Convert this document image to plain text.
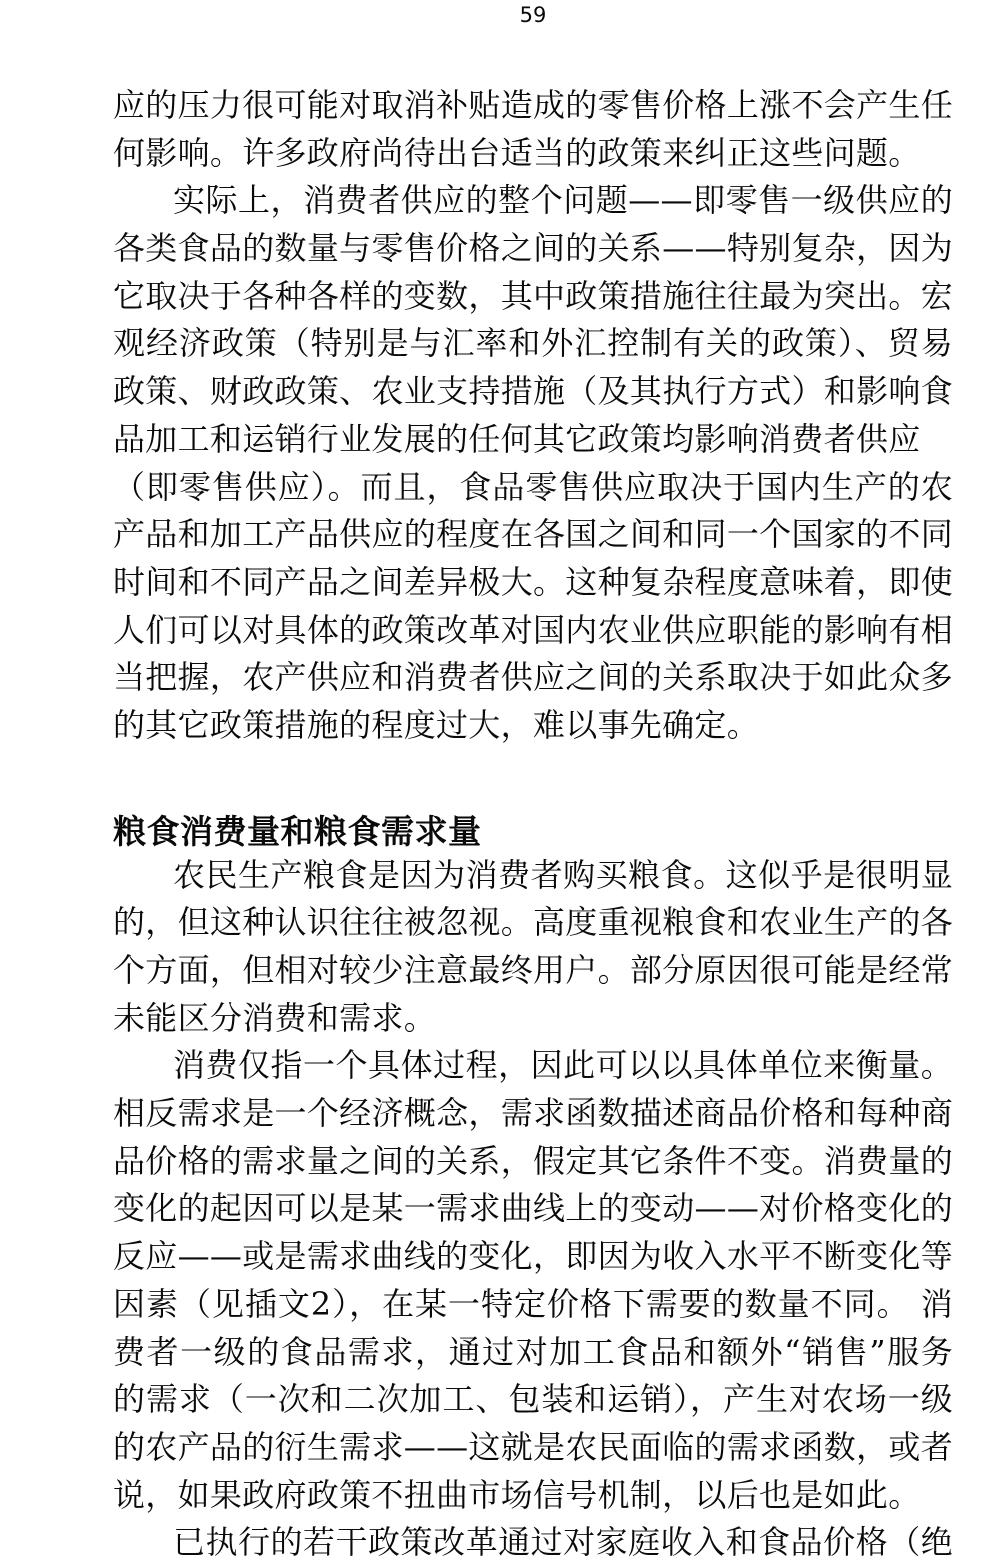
59
应的压力很可能对取消补贴造成的零售价格上涨不会产生任
何影响。许多政府尚待出台适当的政策来纠正这些问题。
实际上，消费者供应的整个问题——即零售一级供应的
各类食品的数量与零售价格之间的关系——特别复杂，因为
它取决于各种各样的变数，其中政策措施往往最为突出。宏
观经济政策（特别是与汇率和外汇控制有关的政策）、贸易
政策、财政政策、农业支持措施（及其执行方式）和影响食
品加工和运销行业发展的任何其它政策均影响消费者供应
（即零售供应）。而且，食品零售供应取决于国内生产的农
产品和加工产品供应的程度在各国之间和同一个国家的不同
时间和不同产品之间差异极大。这种复杂程度意味着，即使
人们可以对具体的政策改革对国内农业供应职能的影响有相
当把握，农产供应和消费者供应之间的关系取决于如此众多
的其它政策措施的程度过大，难以事先确定。
粮食消费量和粮食需求量
农民生产粮食是因为消费者购买粮食。这似乎是很明显
的，但这种认识往往被忽视。高度重视粮食和农业生产的各
个方面，但相对较少注意最终用户。部分原因很可能是经常
未能区分消费和需求。
消费仅指一个具体过程，因此可以以具体单位来衡量。
相反需求是一个经济概念，需求函数描述商品价格和每种商
品价格的需求量之间的关系，假定其它条件不变。消费量的
变化的起因可以是某一需求曲线上的变动——对价格变化的
反应——或是需求曲线的变化，即因为收入水平不断变化等
因素（见插文2），在某一特定价格下需要的数量不同。 消
费者一级的食品需求，通过对加工食品和额外“销售”服务
的需求（一次和二次加工、包装和运销），产生对农场一级
的农产品的衍生需求——这就是农民面临的需求函数，或者
说，如果政府政策不扭曲市场信号机制，以后也是如此。
已执行的若干政策改革通过对家庭收入和食品价格（绝
